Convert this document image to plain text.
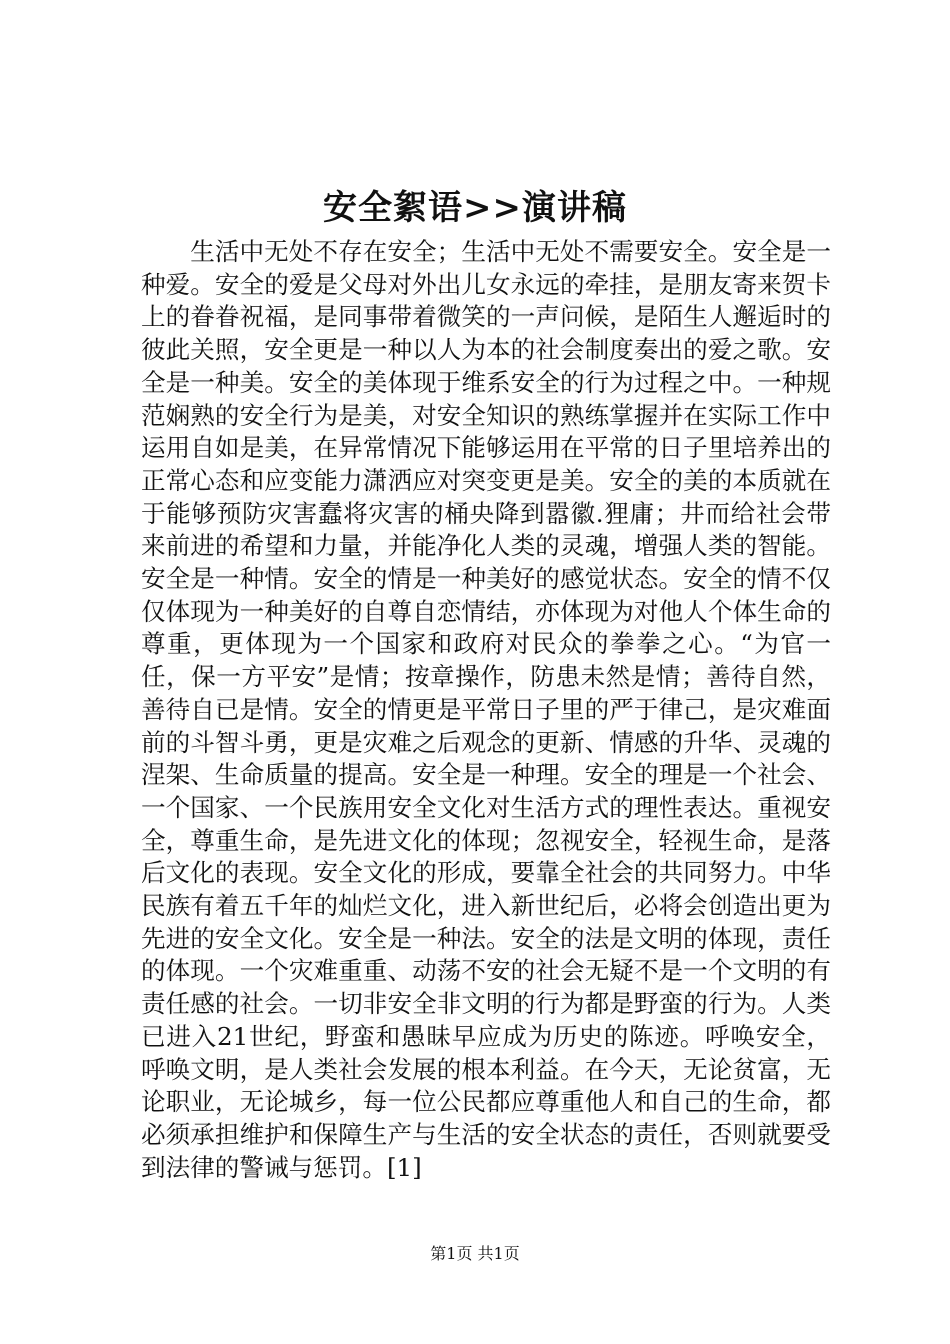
安全絮语>>演讲稿

生活中无处不存在安全；生活中无处不需要安全。安全是一种爱。安全的爱是父母对外出儿女永远的牵挂，是朋友寄来贺卡上的眷眷祝福，是同事带着微笑的一声问候，是陌生人邂逅时的彼此关照，安全更是一种以人为本的社会制度奏出的爱之歌。安全是一种美。安全的美体现于维系安全的行为过程之中。一种规范娴熟的安全行为是美，对安全知识的熟练掌握并在实际工作中运用自如是美，在异常情况下能够运用在平常的日子里培养出的正常心态和应变能力潇洒应对突变更是美。安全的美的本质就在于能够预防灾害蠢将灾害的桶央降到嚣徽.狸庸；井而给社会带来前进的希望和力量，并能净化人类的灵魂，增强人类的智能。安全是一种情。安全的情是一种美好的感觉状态。安全的情不仅仅体现为一种美好的自尊自恋情结，亦体现为对他人个体生命的尊重，更体现为一个国家和政府对民众的拳拳之心。“为官一任，保一方平安”是情；按章操作，防患未然是情；善待自然，善待自已是情。安全的情更是平常日子里的严于律己，是灾难面前的斗智斗勇，更是灾难之后观念的更新、情感的升华、灵魂的涅架、生命质量的提高。安全是一种理。安全的理是一个社会、一个国家、一个民族用安全文化对生活方式的理性表达。重视安全，尊重生命，是先进文化的体现；忽视安全，轻视生命，是落后文化的表现。安全文化的形成，要靠全社会的共同努力。中华民族有着五千年的灿烂文化，进入新世纪后，必将会创造出更为先进的安全文化。安全是一种法。安全的法是文明的体现，责任的体现。一个灾难重重、动荡不安的社会无疑不是一个文明的有责任感的社会。一切非安全非文明的行为都是野蛮的行为。人类已进入21世纪，野蛮和愚昧早应成为历史的陈迹。呼唤安全，呼唤文明，是人类社会发展的根本利益。在今天，无论贫富，无论职业，无论城乡，每一位公民都应尊重他人和自己的生命，都必须承担维护和保障生产与生活的安全状态的责任，否则就要受到法律的警诫与惩罚。[1]

第1页 共1页
